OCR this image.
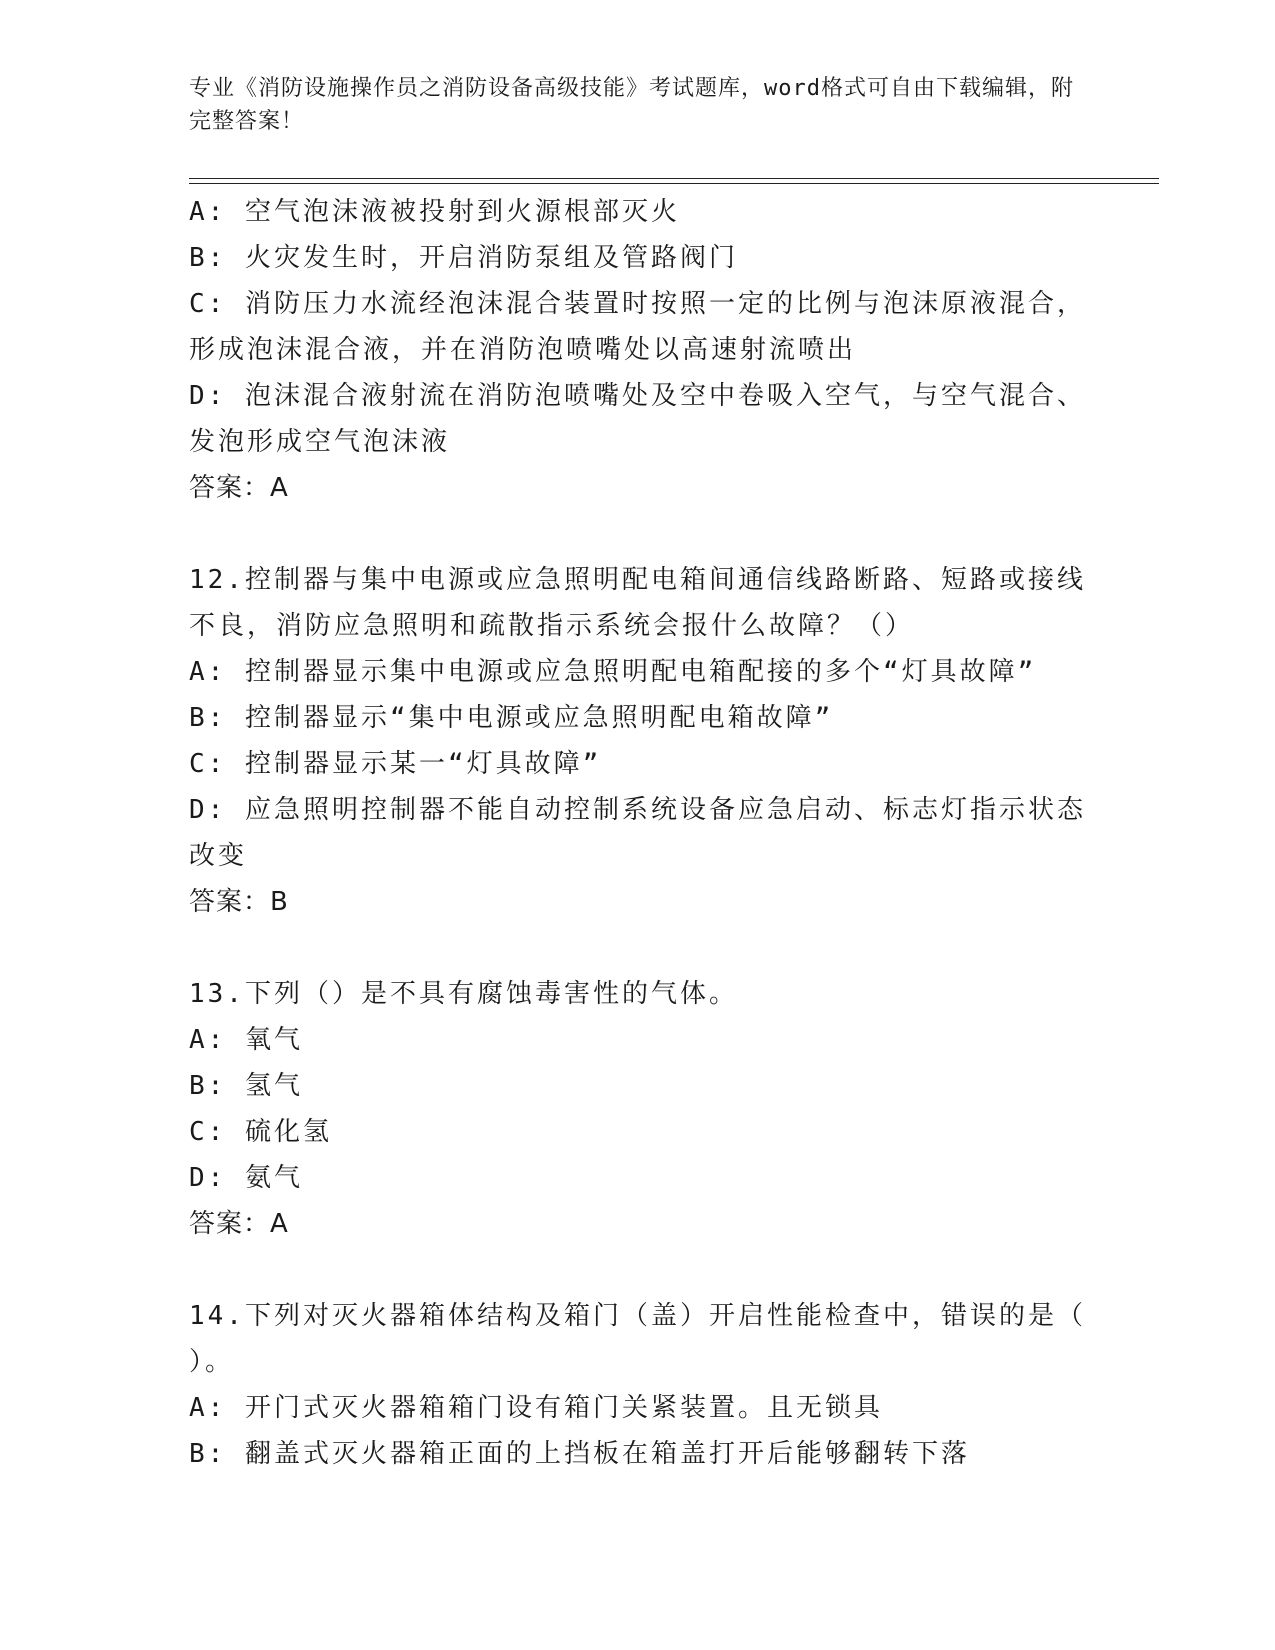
专业《消防设施操作员之消防设备高级技能》考试题库，word格式可自由下载编辑，附完整答案！

A: 空气泡沫液被投射到火源根部灭火

B: 火灾发生时，开启消防泵组及管路阀门

C: 消防压力水流经泡沫混合装置时按照一定的比例与泡沫原液混合，

形成泡沫混合液，并在消防泡喷嘴处以高速射流喷出

D: 泡沫混合液射流在消防泡喷嘴处及空中卷吸入空气，与空气混合、

发泡形成空气泡沫液

答案：A

12.控制器与集中电源或应急照明配电箱间通信线路断路、短路或接线

不良，消防应急照明和疏散指示系统会报什么故障？（）

A: 控制器显示集中电源或应急照明配电箱配接的多个“灯具故障”

B: 控制器显示“集中电源或应急照明配电箱故障”

C: 控制器显示某一“灯具故障”

D: 应急照明控制器不能自动控制系统设备应急启动、标志灯指示状态

改变

答案：B

13.下列（）是不具有腐蚀毒害性的气体。

A: 氧气

B: 氢气

C: 硫化氢

D: 氨气

答案：A

14.下列对灭火器箱体结构及箱门（盖）开启性能检查中，错误的是（

）。

A: 开门式灭火器箱箱门设有箱门关紧装置。且无锁具

B: 翻盖式灭火器箱正面的上挡板在箱盖打开后能够翻转下落
